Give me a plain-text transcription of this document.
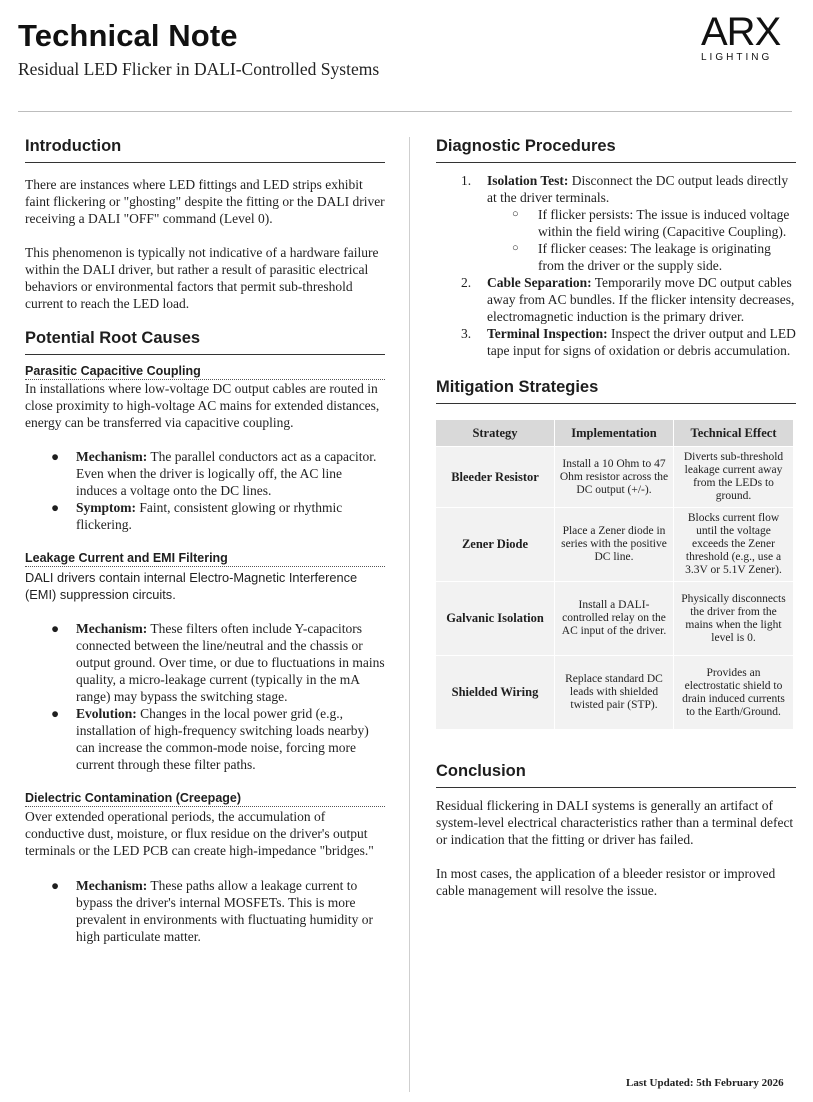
Technical Note
Residual LED Flicker in DALI-Controlled Systems
ARX
LIGHTING
Introduction

There are instances where LED fittings and LED strips exhibit faint flickering or "ghosting" despite the fitting or the DALI driver receiving a DALI "OFF" command (Level 0).

This phenomenon is typically not indicative of a hardware failure within the DALI driver, but rather a result of parasitic electrical behaviors or environmental factors that permit sub-threshold current to reach the LED load.

Potential Root Causes
Parasitic Capacitive Coupling

In installations where low-voltage DC output cables are routed in close proximity to high-voltage AC mains for extended distances, energy can be transferred via capacitive coupling.

● Mechanism: The parallel conductors act as a capacitor. Even when the driver is logically off, the AC line induces a voltage onto the DC lines.
● Symptom: Faint, consistent glowing or rhythmic flickering.
Leakage Current and EMI Filtering

DALI drivers contain internal Electro-Magnetic Interference (EMI) suppression circuits.

● Mechanism: These filters often include Y-capacitors connected between the line/neutral and the chassis or output ground. Over time, or due to fluctuations in mains quality, a micro-leakage current (typically in the mA range) may bypass the switching stage.
● Evolution: Changes in the local power grid (e.g., installation of high-frequency switching loads nearby) can increase the common-mode noise, forcing more current through these filter paths.
Dielectric Contamination (Creepage)

Over extended operational periods, the accumulation of conductive dust, moisture, or flux residue on the driver's output terminals or the LED PCB can create high-impedance "bridges."

● Mechanism: These paths allow a leakage current to bypass the driver's internal MOSFETs. This is more prevalent in environments with fluctuating humidity or high particulate matter.
Diagnostic Procedures
1. Isolation Test: Disconnect the DC output leads directly at the driver terminals.
○ If flicker persists: The issue is induced voltage within the field wiring (Capacitive Coupling).
○ If flicker ceases: The leakage is originating from the driver or the supply side.
2. Cable Separation: Temporarily move DC output cables away from AC bundles. If the flicker intensity decreases, electromagnetic induction is the primary driver.
3. Terminal Inspection: Inspect the driver output and LED tape input for signs of oxidation or debris accumulation.
Mitigation Strategies
Strategy	Implementation	Technical Effect
Bleeder Resistor	Install a 10 Ohm to 47 Ohm resistor across the DC output (+/-).	Diverts sub-threshold leakage current away from the LEDs to ground.
Zener Diode	Place a Zener diode in series with the positive DC line.	Blocks current flow until the voltage exceeds the Zener threshold (e.g., use a 3.3V or 5.1V Zener).
Galvanic Isolation	Install a DALI-controlled relay on the AC input of the driver.	Physically disconnects the driver from the mains when the light level is 0.
Shielded Wiring	Replace standard DC leads with shielded twisted pair (STP).	Provides an electrostatic shield to drain induced currents to the Earth/Ground.
Conclusion

Residual flickering in DALI systems is generally an artifact of system-level electrical characteristics rather than a terminal defect or indication that the fitting or driver has failed.

In most cases, the application of a bleeder resistor or improved cable management will resolve the issue.

Last Updated: 5th February 2026
